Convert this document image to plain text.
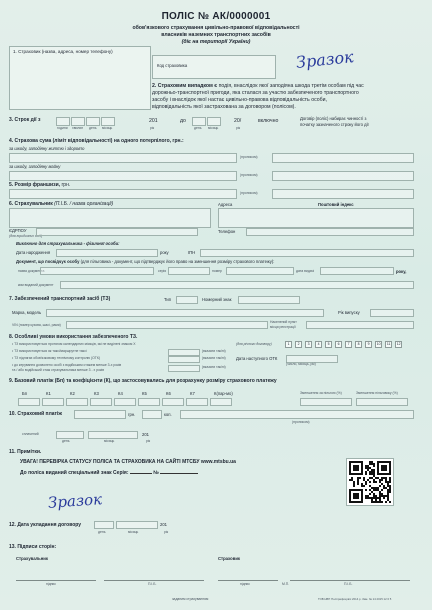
ПОЛІС № АК/0000001
обов'язкового страхування цивільно-правової відповідальності
власників наземних транспортних засобів
(діє на території України)
1. Страховик (назва, адреса, номер телефону)
Код страховика	Зразок
2. Страховим випадком є подія, внаслідок якої заподіяна шкода третім особам під час
дорожньо-транспортної пригоди, яка сталася за участю забезпеченого транспортного
засобу і внаслідок якої настає цивільно-правова відповідальність особи,
відповідальність якої застрахована за договором (полісом).
3. Строк дії з	201	до	20/	включно	Договір (поліс) набирає чинності з
початку зазначеного строку його дії
години хвилин день місяць	рік	день місяць	рік
4. Страхова сума (ліміт відповідальності) на одного потерпілого, грн.:
за шкоду, заподіяну життю і здоров'ю
(прописом)
за шкоду, заподіяну майну
(прописом)
5. Розмір франшизи, грн.
(прописом)
6. Страхувальник (П.І.Б. / назва організації)	Адреса	Поштовий індекс
ЄДРПОУ
(для юридичних осіб)
Телефон
Виключно для страхувальника - фізичної особи:
Дата народження	року	ІПН
Документ, що посвідчує особу (для пільговика - документ, що підтверджує його право на зменшення розміру страхового платежу):
назва документа	серія	номер	дата видачі	року,
ким виданий документ
7. Забезпечений транспортний засіб (ТЗ)	Тип	Номерний знак
Марка, модель	Рік випуску
VIN (номер кузова, шасі, рами)
Населений пункт
місця реєстрації
8. Особливі умови використання забезпеченого ТЗ.
• ТЗ використовується протягом календарних місяців, які не виділені знаком X	(для річного договору)	1	2	3	4	5	6	7	8	9	10	11	12
• ТЗ використовується як таксі/маршрутне таксі	(вказати так/ні)
• ТЗ підлягає обов'язковому технічному контролю (ОТК)	(вказати так/ні) Дата наступного ОТК
(число, місяць, рік)
• до керування дозволено особі з водійським стажем менше 3-х років
та / або водійський стаж страхувальника менше 3 - х років
(вказати так/ні)
9. Базовий платіж (Бп) та коефіцієнти (К), що застосовувались для розрахунку розміру страхового платежу
Бп	К1	К2	К3	К4	К5	К6	К7	К(пар-мо)	Зменшення за пільгою (%)	Зменшення пільговику (%)
10. Страховий платіж	грн.	коп.
(прописом)
сплачений	201
день	місяць	рік
11. Примітки.
УВАГА! ПЕРЕВІРКА СТАТУСУ ПОЛІСА ТА СТРАХОВИКА НА САЙТІ МТСБУ www.mtsbu.ua
До поліса виданий спеціальний знак Серія:	№
Зразок
12. Дата укладання договору	201
день	місяць	рік
13. Підписи сторін:
Страхувальник	Страховик
підпис	П.І.Б.	підпис	М.П.	П.І.Б.
заданим страхуванням	ТОВ НВП Поліграфсервіс 2014 р. Зам. № 14 2015 12 0 5
